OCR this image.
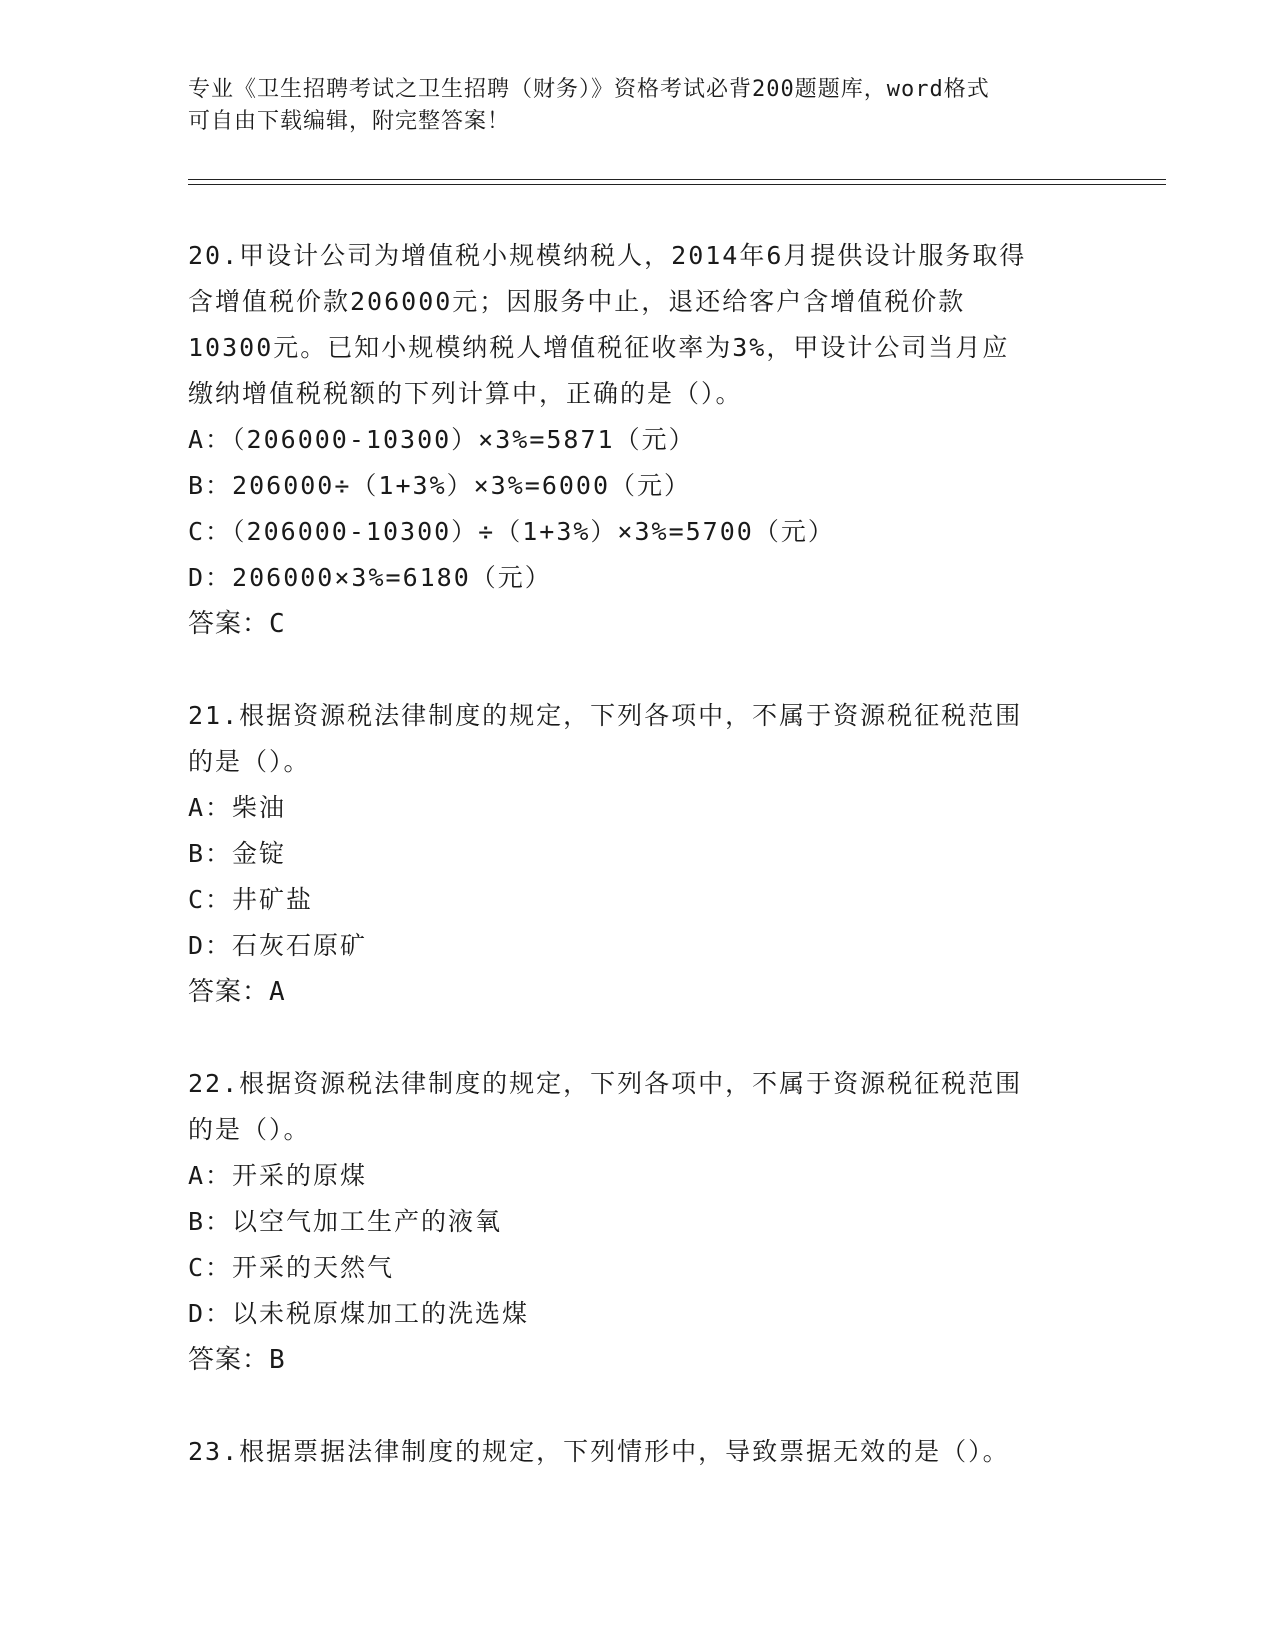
专业《卫生招聘考试之卫生招聘（财务）》资格考试必背200题题库，word格式
可自由下载编辑，附完整答案！

20.甲设计公司为增值税小规模纳税人，2014年6月提供设计服务取得

含增值税价款206000元；因服务中止，退还给客户含增值税价款

10300元。已知小规模纳税人增值税征收率为3%，甲设计公司当月应

缴纳增值税税额的下列计算中，正确的是（）。

A：（206000-10300）×3%=5871（元）

B：206000÷（1+3%）×3%=6000（元）

C：（206000-10300）÷（1+3%）×3%=5700（元）

D：206000×3%=6180（元）

答案：C

21.根据资源税法律制度的规定，下列各项中，不属于资源税征税范围

的是（）。

A：柴油

B：金锭

C：井矿盐

D：石灰石原矿

答案：A

22.根据资源税法律制度的规定，下列各项中，不属于资源税征税范围

的是（）。

A：开采的原煤

B：以空气加工生产的液氧

C：开采的天然气

D：以未税原煤加工的洗选煤

答案：B

23.根据票据法律制度的规定，下列情形中，导致票据无效的是（）。
